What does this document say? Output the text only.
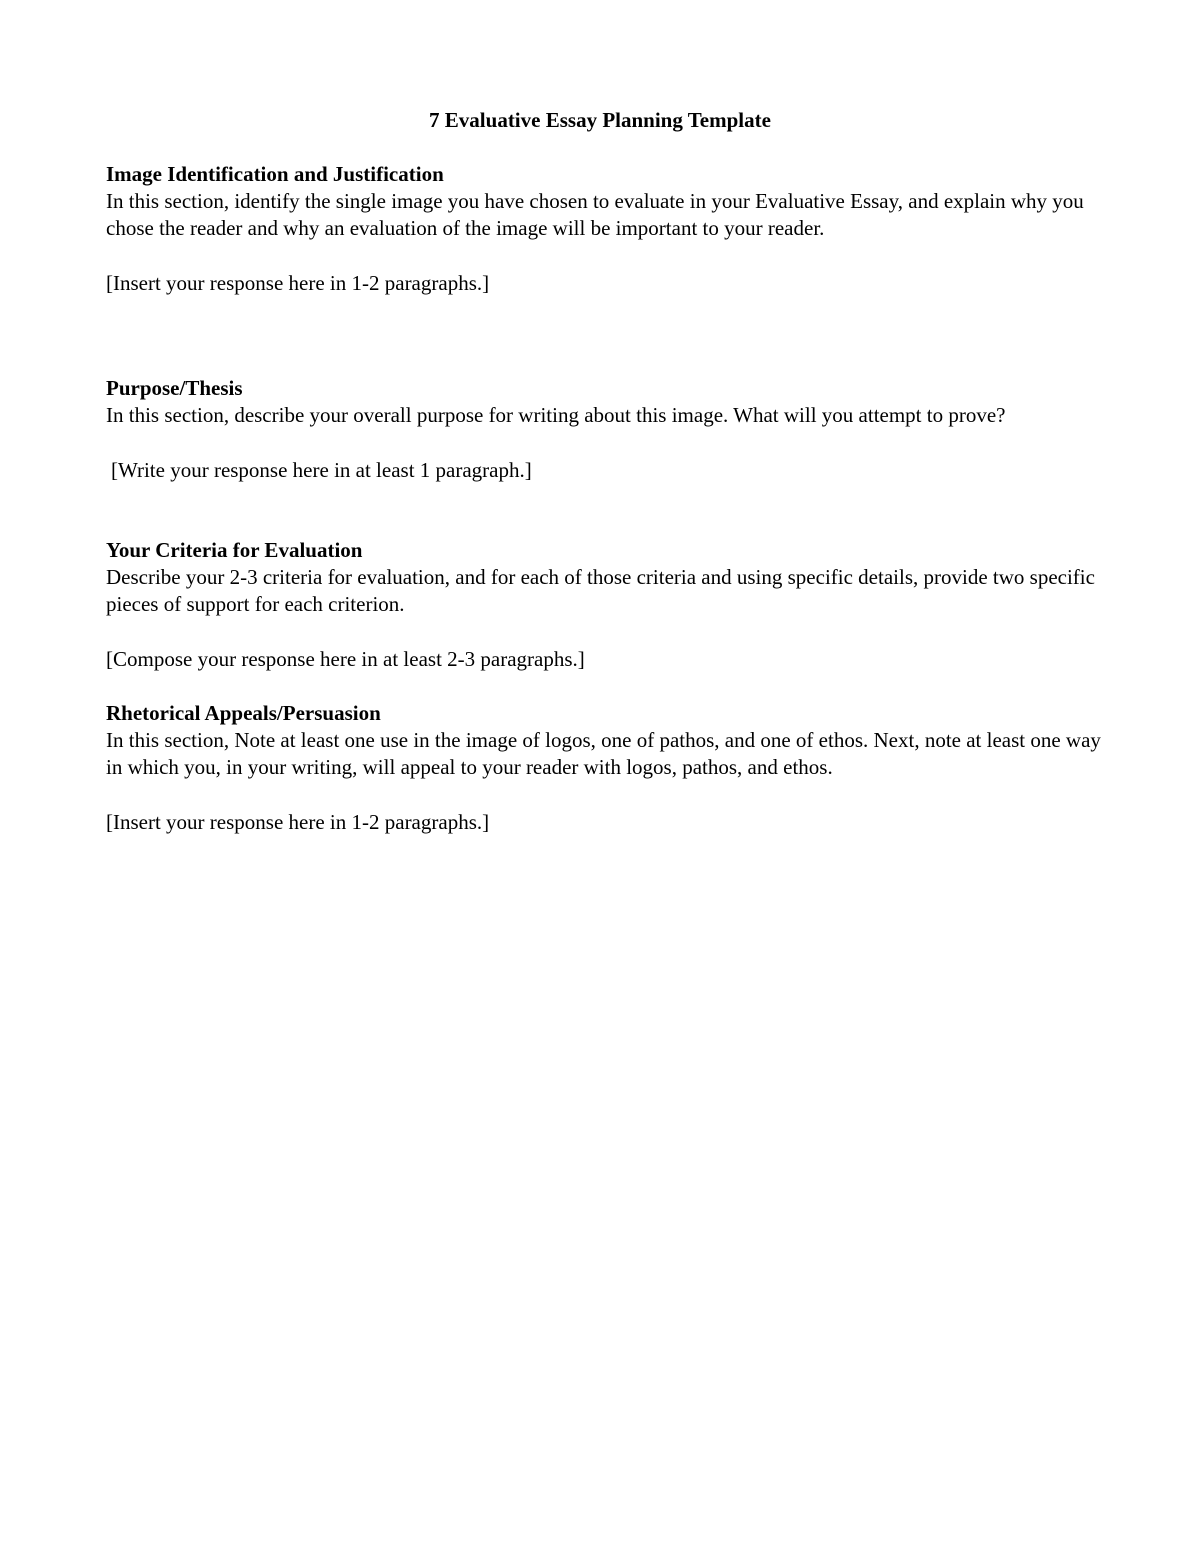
7 Evaluative Essay Planning Template

Image Identification and Justification

In this section, identify the single image you have chosen to evaluate in your Evaluative Essay, and explain why you chose the reader and why an evaluation of the image will be important to your reader.

[Insert your response here in 1-2 paragraphs.]

Purpose/Thesis

In this section, describe your overall purpose for writing about this image. What will you attempt to prove?

[Write your response here in at least 1 paragraph.]

Your Criteria for Evaluation

Describe your 2-3 criteria for evaluation, and for each of those criteria and using specific details, provide two specific pieces of support for each criterion.

[Compose your response here in at least 2-3 paragraphs.]

Rhetorical Appeals/Persuasion

In this section, Note at least one use in the image of logos, one of pathos, and one of ethos. Next, note at least one way in which you, in your writing, will appeal to your reader with logos, pathos, and ethos.

[Insert your response here in 1-2 paragraphs.]
